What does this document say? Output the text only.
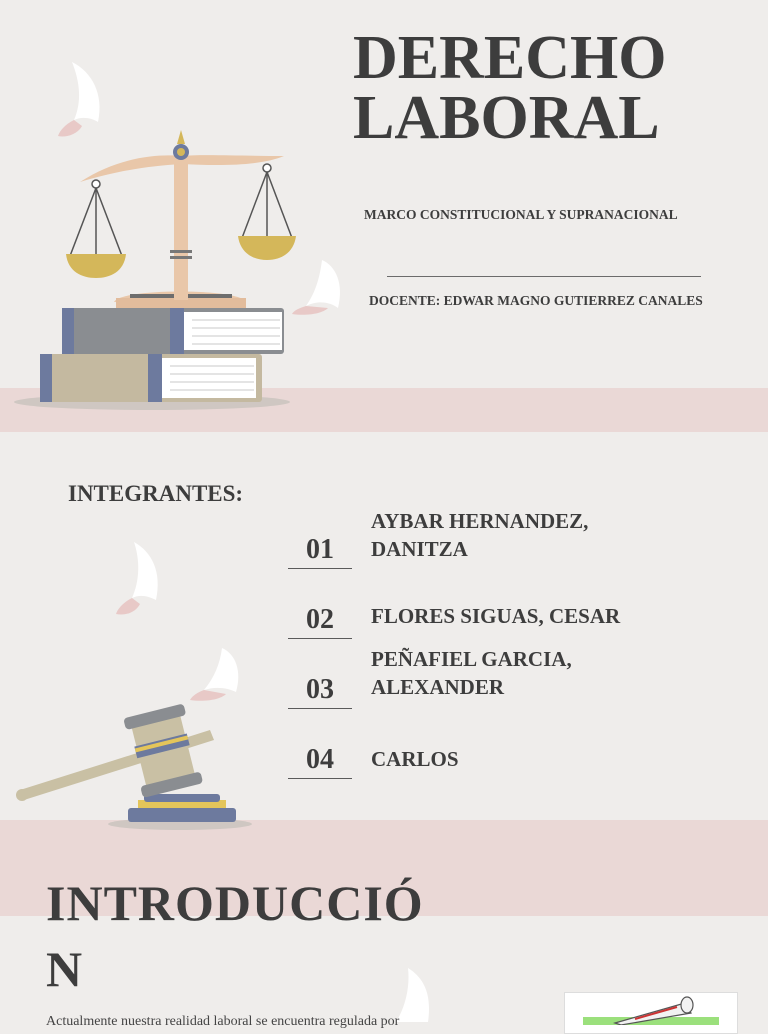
DERECHO
LABORAL
MARCO CONSTITUCIONAL Y SUPRANACIONAL
DOCENTE: EDWAR MAGNO GUTIERREZ CANALES
INTEGRANTES:
01
AYBAR HERNANDEZ, DANITZA
02	FLORES SIGUAS, CESAR
03
PEÑAFIEL GARCIA, ALEXANDER
04	CARLOS
INTRODUCCIÓ
N
Actualmente nuestra realidad laboral se encuentra regulada por
